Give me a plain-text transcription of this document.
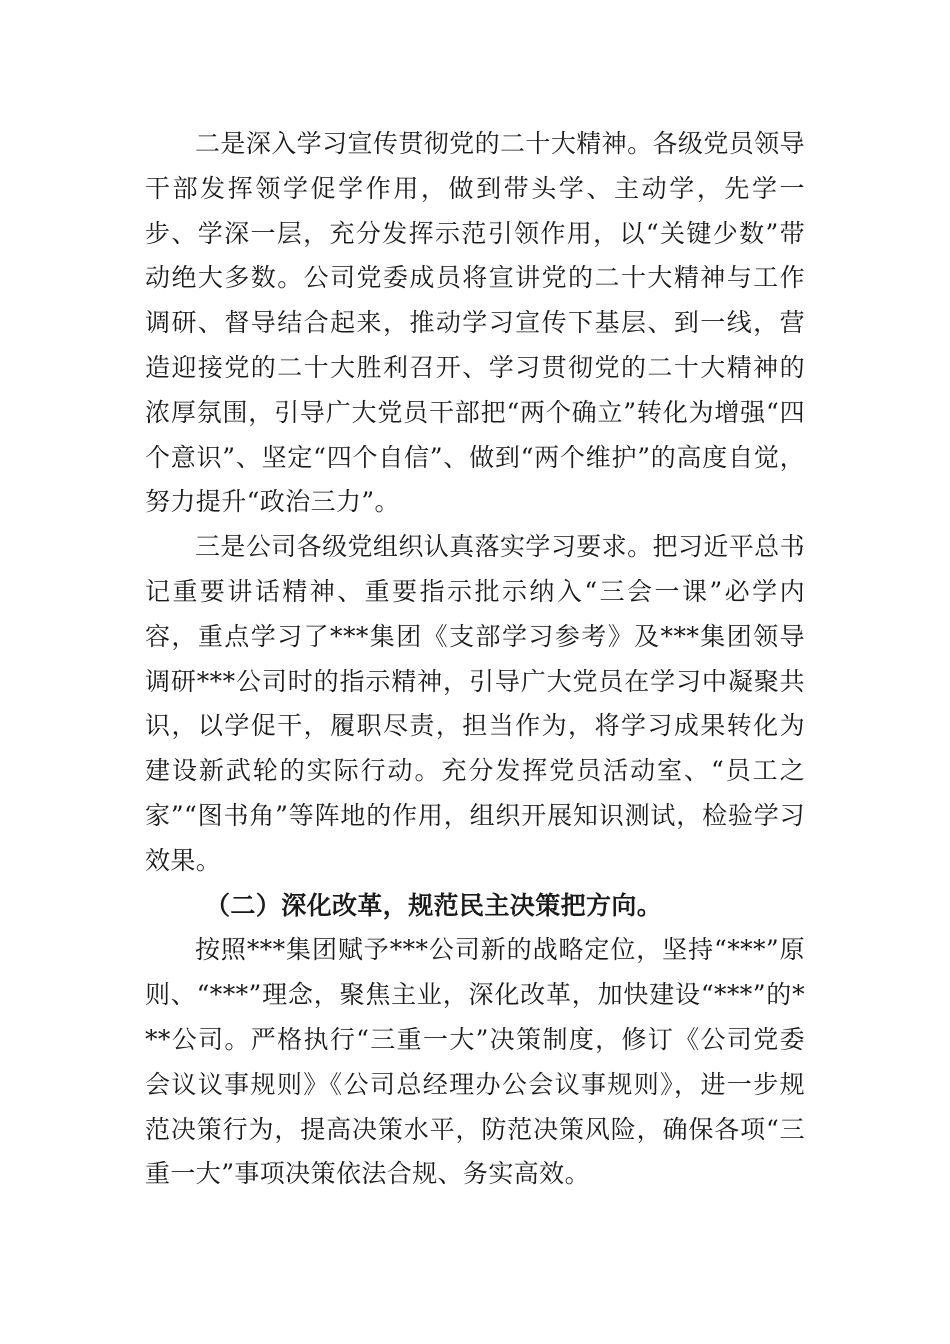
二是深入学习宣传贯彻党的二十大精神。各级党员领导干部发挥领学促学作用，做到带头学、主动学，先学一步、学深一层，充分发挥示范引领作用，以“关键少数”带动绝大多数。公司党委成员将宣讲党的二十大精神与工作调研、督导结合起来，推动学习宣传下基层、到一线，营造迎接党的二十大胜利召开、学习贯彻党的二十大精神的浓厚氛围，引导广大党员干部把“两个确立”转化为增强“四个意识”、坚定“四个自信”、做到“两个维护”的高度自觉，努力提升“政治三力”。

三是公司各级党组织认真落实学习要求。把习近平总书记重要讲话精神、重要指示批示纳入“三会一课”必学内容，重点学习了***集团《支部学习参考》及***集团领导调研***公司时的指示精神，引导广大党员在学习中凝聚共识，以学促干，履职尽责，担当作为，将学习成果转化为建设新武轮的实际行动。充分发挥党员活动室、“员工之家”“图书角”等阵地的作用，组织开展知识测试，检验学习效果。

（二）深化改革，规范民主决策把方向。

按照***集团赋予***公司新的战略定位，坚持“***”原则、“***”理念，聚焦主业，深化改革，加快建设“***”的***公司。严格执行“三重一大”决策制度，修订《公司党委会议议事规则》《公司总经理办公会议事规则》，进一步规范决策行为，提高决策水平，防范决策风险，确保各项“三重一大”事项决策依法合规、务实高效。
